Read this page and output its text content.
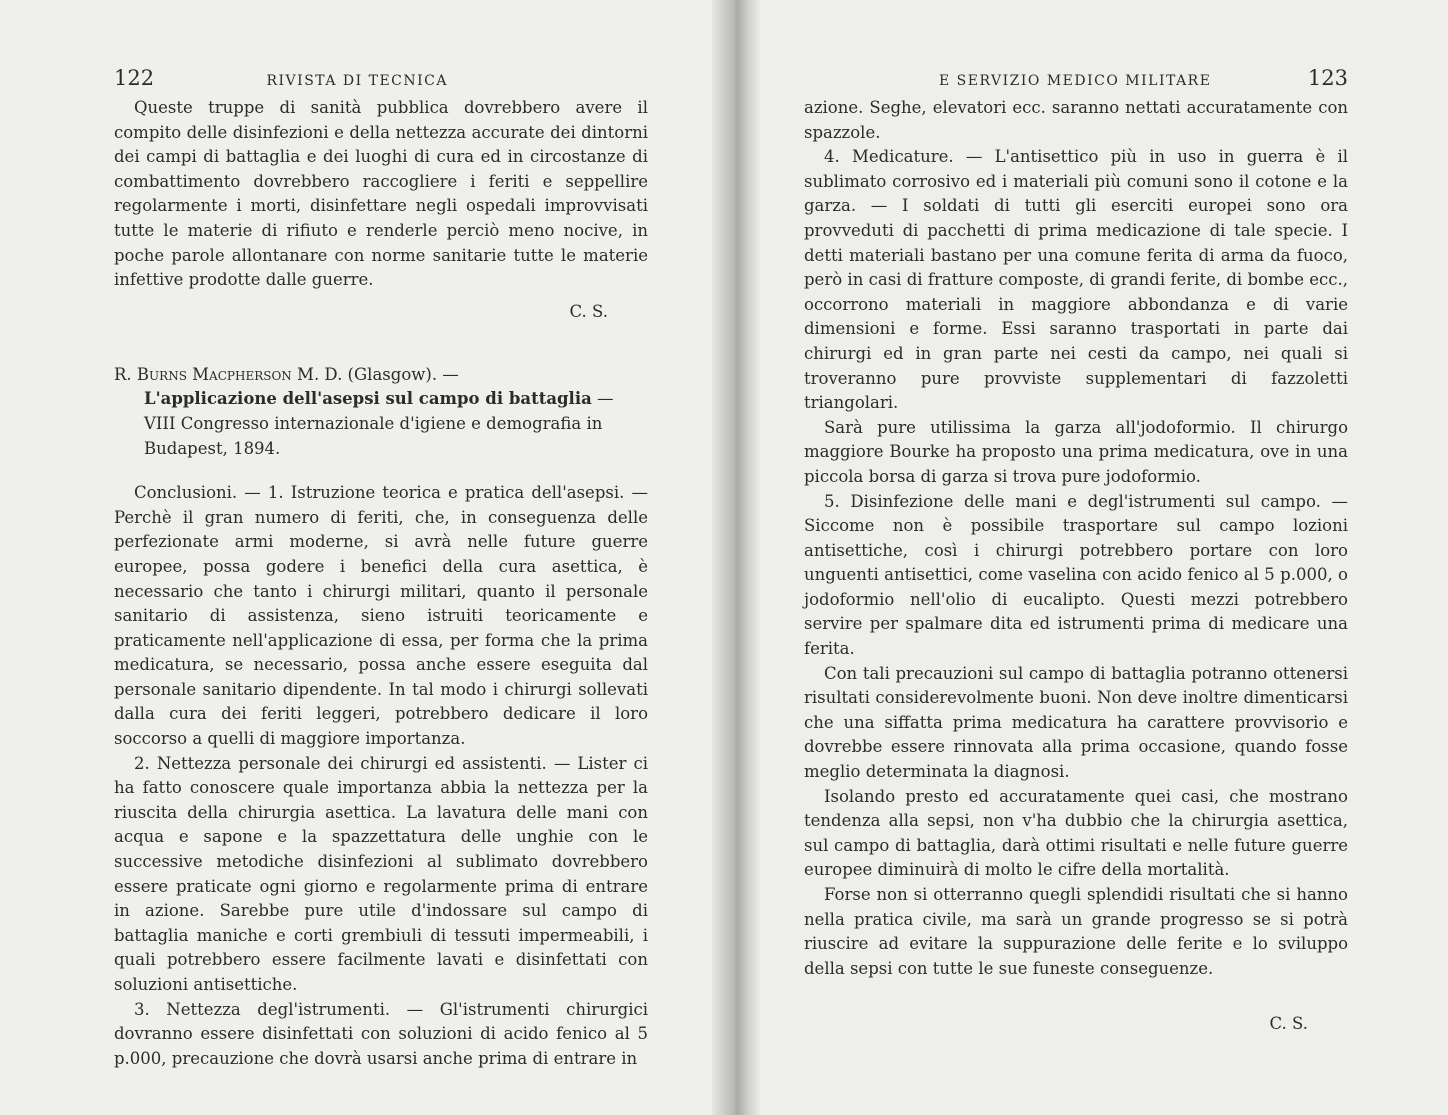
122	RIVISTA DI TECNICA

Queste truppe di sanità pubblica dovrebbero avere il compito delle disinfezioni e della nettezza accurate dei dintorni dei campi di battaglia e dei luoghi di cura ed in circostanze di combattimento dovrebbero raccogliere i feriti e seppellire regolarmente i morti, disinfettare negli ospedali improvvisati tutte le materie di rifiuto e renderle perciò meno nocive, in poche parole allontanare con norme sanitarie tutte le materie infettive prodotte dalle guerre.

C. S.
R. Burns Macpherson M. D. (Glasgow). —
L'applicazione dell'asepsi sul campo di battaglia — VIII Congresso internazionale d'igiene e demografia in Budapest, 1894.

Conclusioni. — 1. Istruzione teorica e pratica dell'asepsi. — Perchè il gran numero di feriti, che, in conseguenza delle perfezionate armi moderne, si avrà nelle future guerre europee, possa godere i benefici della cura asettica, è necessario che tanto i chirurgi militari, quanto il personale sanitario di assistenza, sieno istruiti teoricamente e praticamente nell'applicazione di essa, per forma che la prima medicatura, se necessario, possa anche essere eseguita dal personale sanitario dipendente. In tal modo i chirurgi sollevati dalla cura dei feriti leggeri, potrebbero dedicare il loro soccorso a quelli di maggiore importanza.

2. Nettezza personale dei chirurgi ed assistenti. — Lister ci ha fatto conoscere quale importanza abbia la nettezza per la riuscita della chirurgia asettica. La lavatura delle mani con acqua e sapone e la spazzettatura delle unghie con le successive metodiche disinfezioni al sublimato dovrebbero essere praticate ogni giorno e regolarmente prima di entrare in azione. Sarebbe pure utile d'indossare sul campo di battaglia maniche e corti grembiuli di tessuti impermeabili, i quali potrebbero essere facilmente lavati e disinfettati con soluzioni antisettiche.

3. Nettezza degl'istrumenti. — Gl'istrumenti chirurgici dovranno essere disinfettati con soluzioni di acido fenico al 5 p.000, precauzione che dovrà usarsi anche prima di entrare in

E SERVIZIO MEDICO MILITARE	123

azione. Seghe, elevatori ecc. saranno nettati accuratamente con spazzole.

4. Medicature. — L'antisettico più in uso in guerra è il sublimato corrosivo ed i materiali più comuni sono il cotone e la garza. — I soldati di tutti gli eserciti europei sono ora provveduti di pacchetti di prima medicazione di tale specie. I detti materiali bastano per una comune ferita di arma da fuoco, però in casi di fratture composte, di grandi ferite, di bombe ecc., occorrono materiali in maggiore abbondanza e di varie dimensioni e forme. Essi saranno trasportati in parte dai chirurgi ed in gran parte nei cesti da campo, nei quali si troveranno pure provviste supplementari di fazzoletti triangolari.

Sarà pure utilissima la garza all'jodoformio. Il chirurgo maggiore Bourke ha proposto una prima medicatura, ove in una piccola borsa di garza si trova pure jodoformio.

5. Disinfezione delle mani e degl'istrumenti sul campo. — Siccome non è possibile trasportare sul campo lozioni antisettiche, così i chirurgi potrebbero portare con loro unguenti antisettici, come vaselina con acido fenico al 5 p.000, o jodoformio nell'olio di eucalipto. Questi mezzi potrebbero servire per spalmare dita ed istrumenti prima di medicare una ferita.

Con tali precauzioni sul campo di battaglia potranno ottenersi risultati considerevolmente buoni. Non deve inoltre dimenticarsi che una siffatta prima medicatura ha carattere provvisorio e dovrebbe essere rinnovata alla prima occasione, quando fosse meglio determinata la diagnosi.

Isolando presto ed accuratamente quei casi, che mostrano tendenza alla sepsi, non v'ha dubbio che la chirurgia asettica, sul campo di battaglia, darà ottimi risultati e nelle future guerre europee diminuirà di molto le cifre della mortalità.

Forse non si otterranno quegli splendidi risultati che si hanno nella pratica civile, ma sarà un grande progresso se si potrà riuscire ad evitare la suppurazione delle ferite e lo sviluppo della sepsi con tutte le sue funeste conseguenze.

C. S.
